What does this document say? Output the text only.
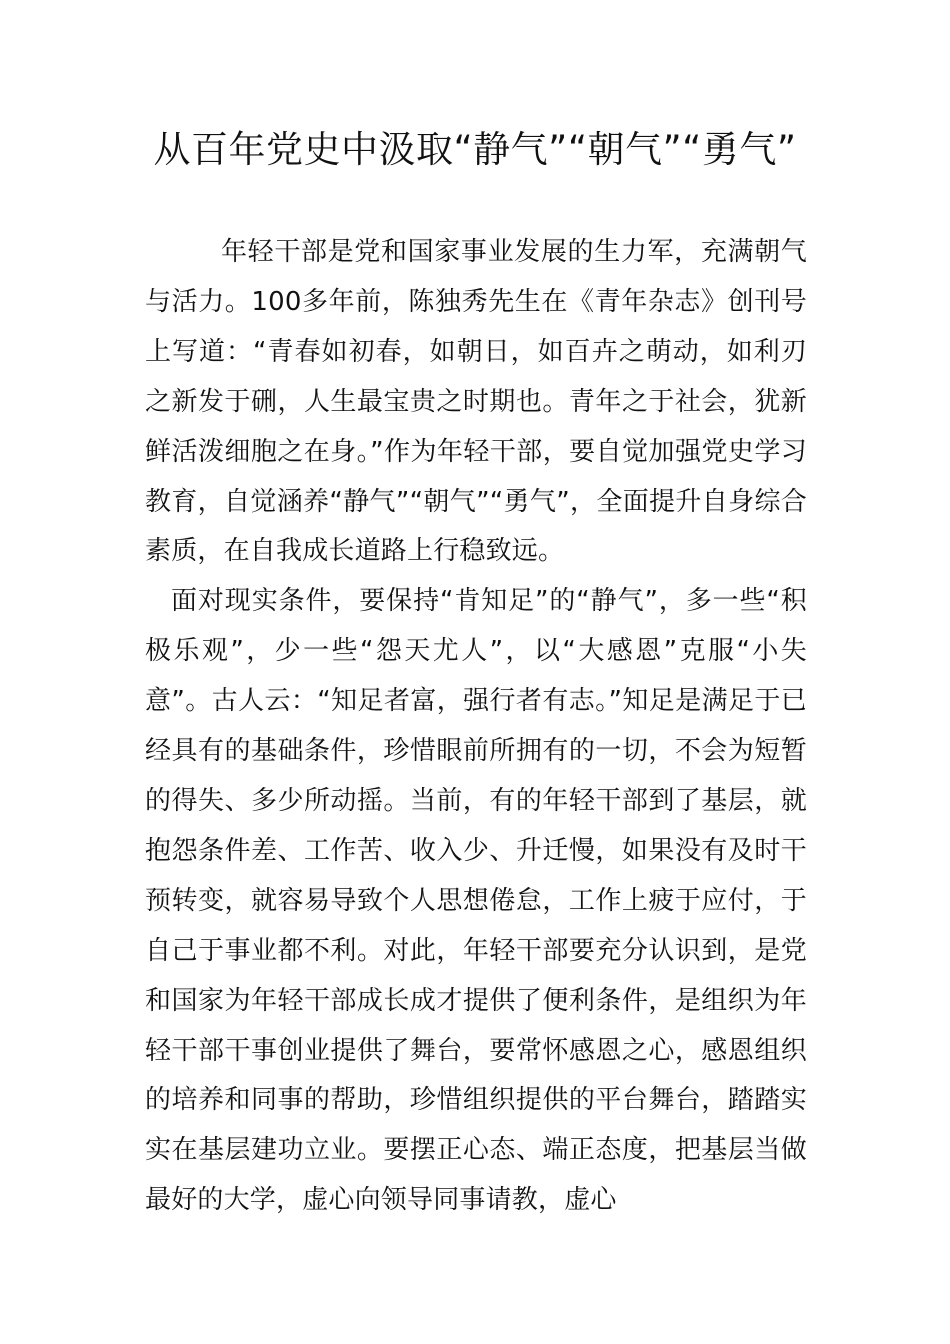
从百年党史中汲取“静气”“朝气”“勇气”

年轻干部是党和国家事业发展的生力军，充满朝气与活力。100多年前，陈独秀先生在《青年杂志》创刊号上写道：“青春如初春，如朝日，如百卉之萌动，如利刃之新发于硎，人生最宝贵之时期也。青年之于社会，犹新鲜活泼细胞之在身。”作为年轻干部，要自觉加强党史学习教育，自觉涵养“静气”“朝气”“勇气”，全面提升自身综合素质，在自我成长道路上行稳致远。

面对现实条件，要保持“肯知足”的“静气”，多一些“积极乐观”，少一些“怨天尤人”，以“大感恩”克服“小失意”。古人云：“知足者富，强行者有志。”知足是满足于已经具有的基础条件，珍惜眼前所拥有的一切，不会为短暂的得失、多少所动摇。当前，有的年轻干部到了基层，就抱怨条件差、工作苦、收入少、升迁慢，如果没有及时干预转变，就容易导致个人思想倦怠，工作上疲于应付，于自己于事业都不利。对此，年轻干部要充分认识到，是党和国家为年轻干部成长成才提供了便利条件，是组织为年轻干部干事创业提供了舞台，要常怀感恩之心，感恩组织的培养和同事的帮助，珍惜组织提供的平台舞台，踏踏实实在基层建功立业。要摆正心态、端正态度，把基层当做最好的大学，虚心向领导同事请教，虚心
